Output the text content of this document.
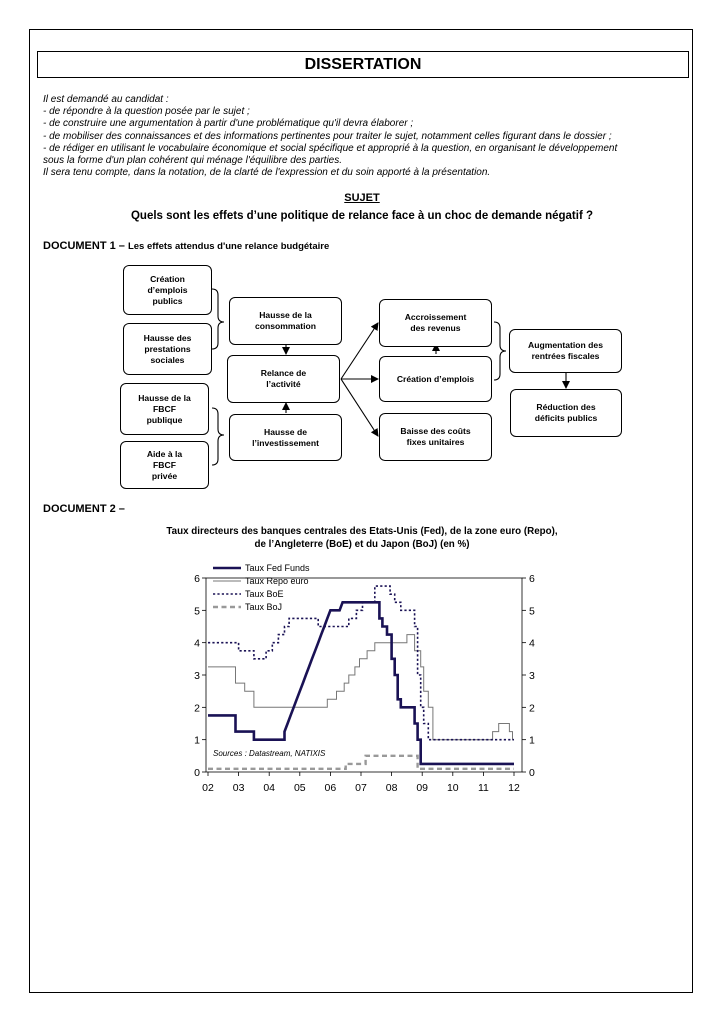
DISSERTATION
Il est demandé au candidat :
- de répondre à la question posée par le sujet ;
- de construire une argumentation à partir d'une problématique qu'il devra élaborer ;
- de mobiliser des connaissances et des informations pertinentes pour traiter le sujet, notamment celles figurant dans le dossier ;
- de rédiger en utilisant le vocabulaire économique et social spécifique et approprié à la question, en organisant le développement
sous la forme d'un plan cohérent qui ménage l'équilibre des parties.
Il sera tenu compte, dans la notation, de la clarté de l'expression et du soin apporté à la présentation.
SUJET
Quels sont les effets d’une politique de relance face à un choc de demande négatif ?
DOCUMENT 1 – Les effets attendus d'une relance budgétaire
Création
d’emplois
publics
Hausse des
prestations
sociales
Hausse de la
FBCF
publique
Aide à la
FBCF
privée
Hausse de la
consommation
Relance de
l’activité
Hausse de
l’investissement
Accroissement
des revenus
Création d’emplois
Baisse des coûts
fixes unitaires
Augmentation des
rentrées fiscales
Réduction des
déficits publics
DOCUMENT 2 –
Taux directeurs des banques centrales des Etats-Unis (Fed), de la zone euro (Repo),
de l’Angleterre (BoE) et du Japon (BoJ) (en %)
0	0
1	1
2	2
3	3
4	4
5	5
6	6
02 03 04 05 06 07 08 09 10 11 12
Taux Fed Funds
Taux Repo euro
Taux BoE
Taux BoJ
Sources : Datastream, NATIXIS
